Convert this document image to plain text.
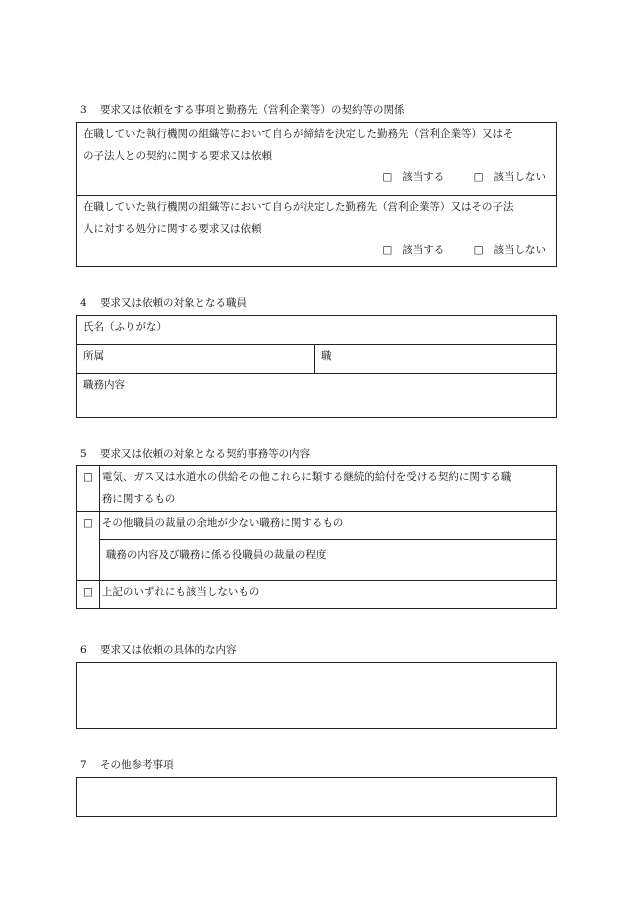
3 要求又は依頼をする事項と勤務先（営利企業等）の契約等の関係
在職していた執行機関の組織等において自らが締結を決定した勤務先（営利企業等）又はそ
の子法人との契約に関する要求又は依頼
□ 該当する	□ 該当しない

在職していた執行機関の組織等において自らが決定した勤務先（営利企業等）又はその子法
人に対する処分に関する要求又は依頼
□ 該当する	□ 該当しない
4 要求又は依頼の対象となる職員
氏名（ふりがな）
所属	職
職務内容
5 要求又は依頼の対象となる契約事務等の内容
□	電気、ガス又は水道水の供給その他これらに類する継続的給付を受ける契約に関する職
務に関するもの

□	その他職員の裁量の余地が少ない職務に関するもの
	職務の内容及び職務に係る役職員の裁量の程度
□	上記のいずれにも該当しないもの
6 要求又は依頼の具体的な内容
7 その他参考事項
